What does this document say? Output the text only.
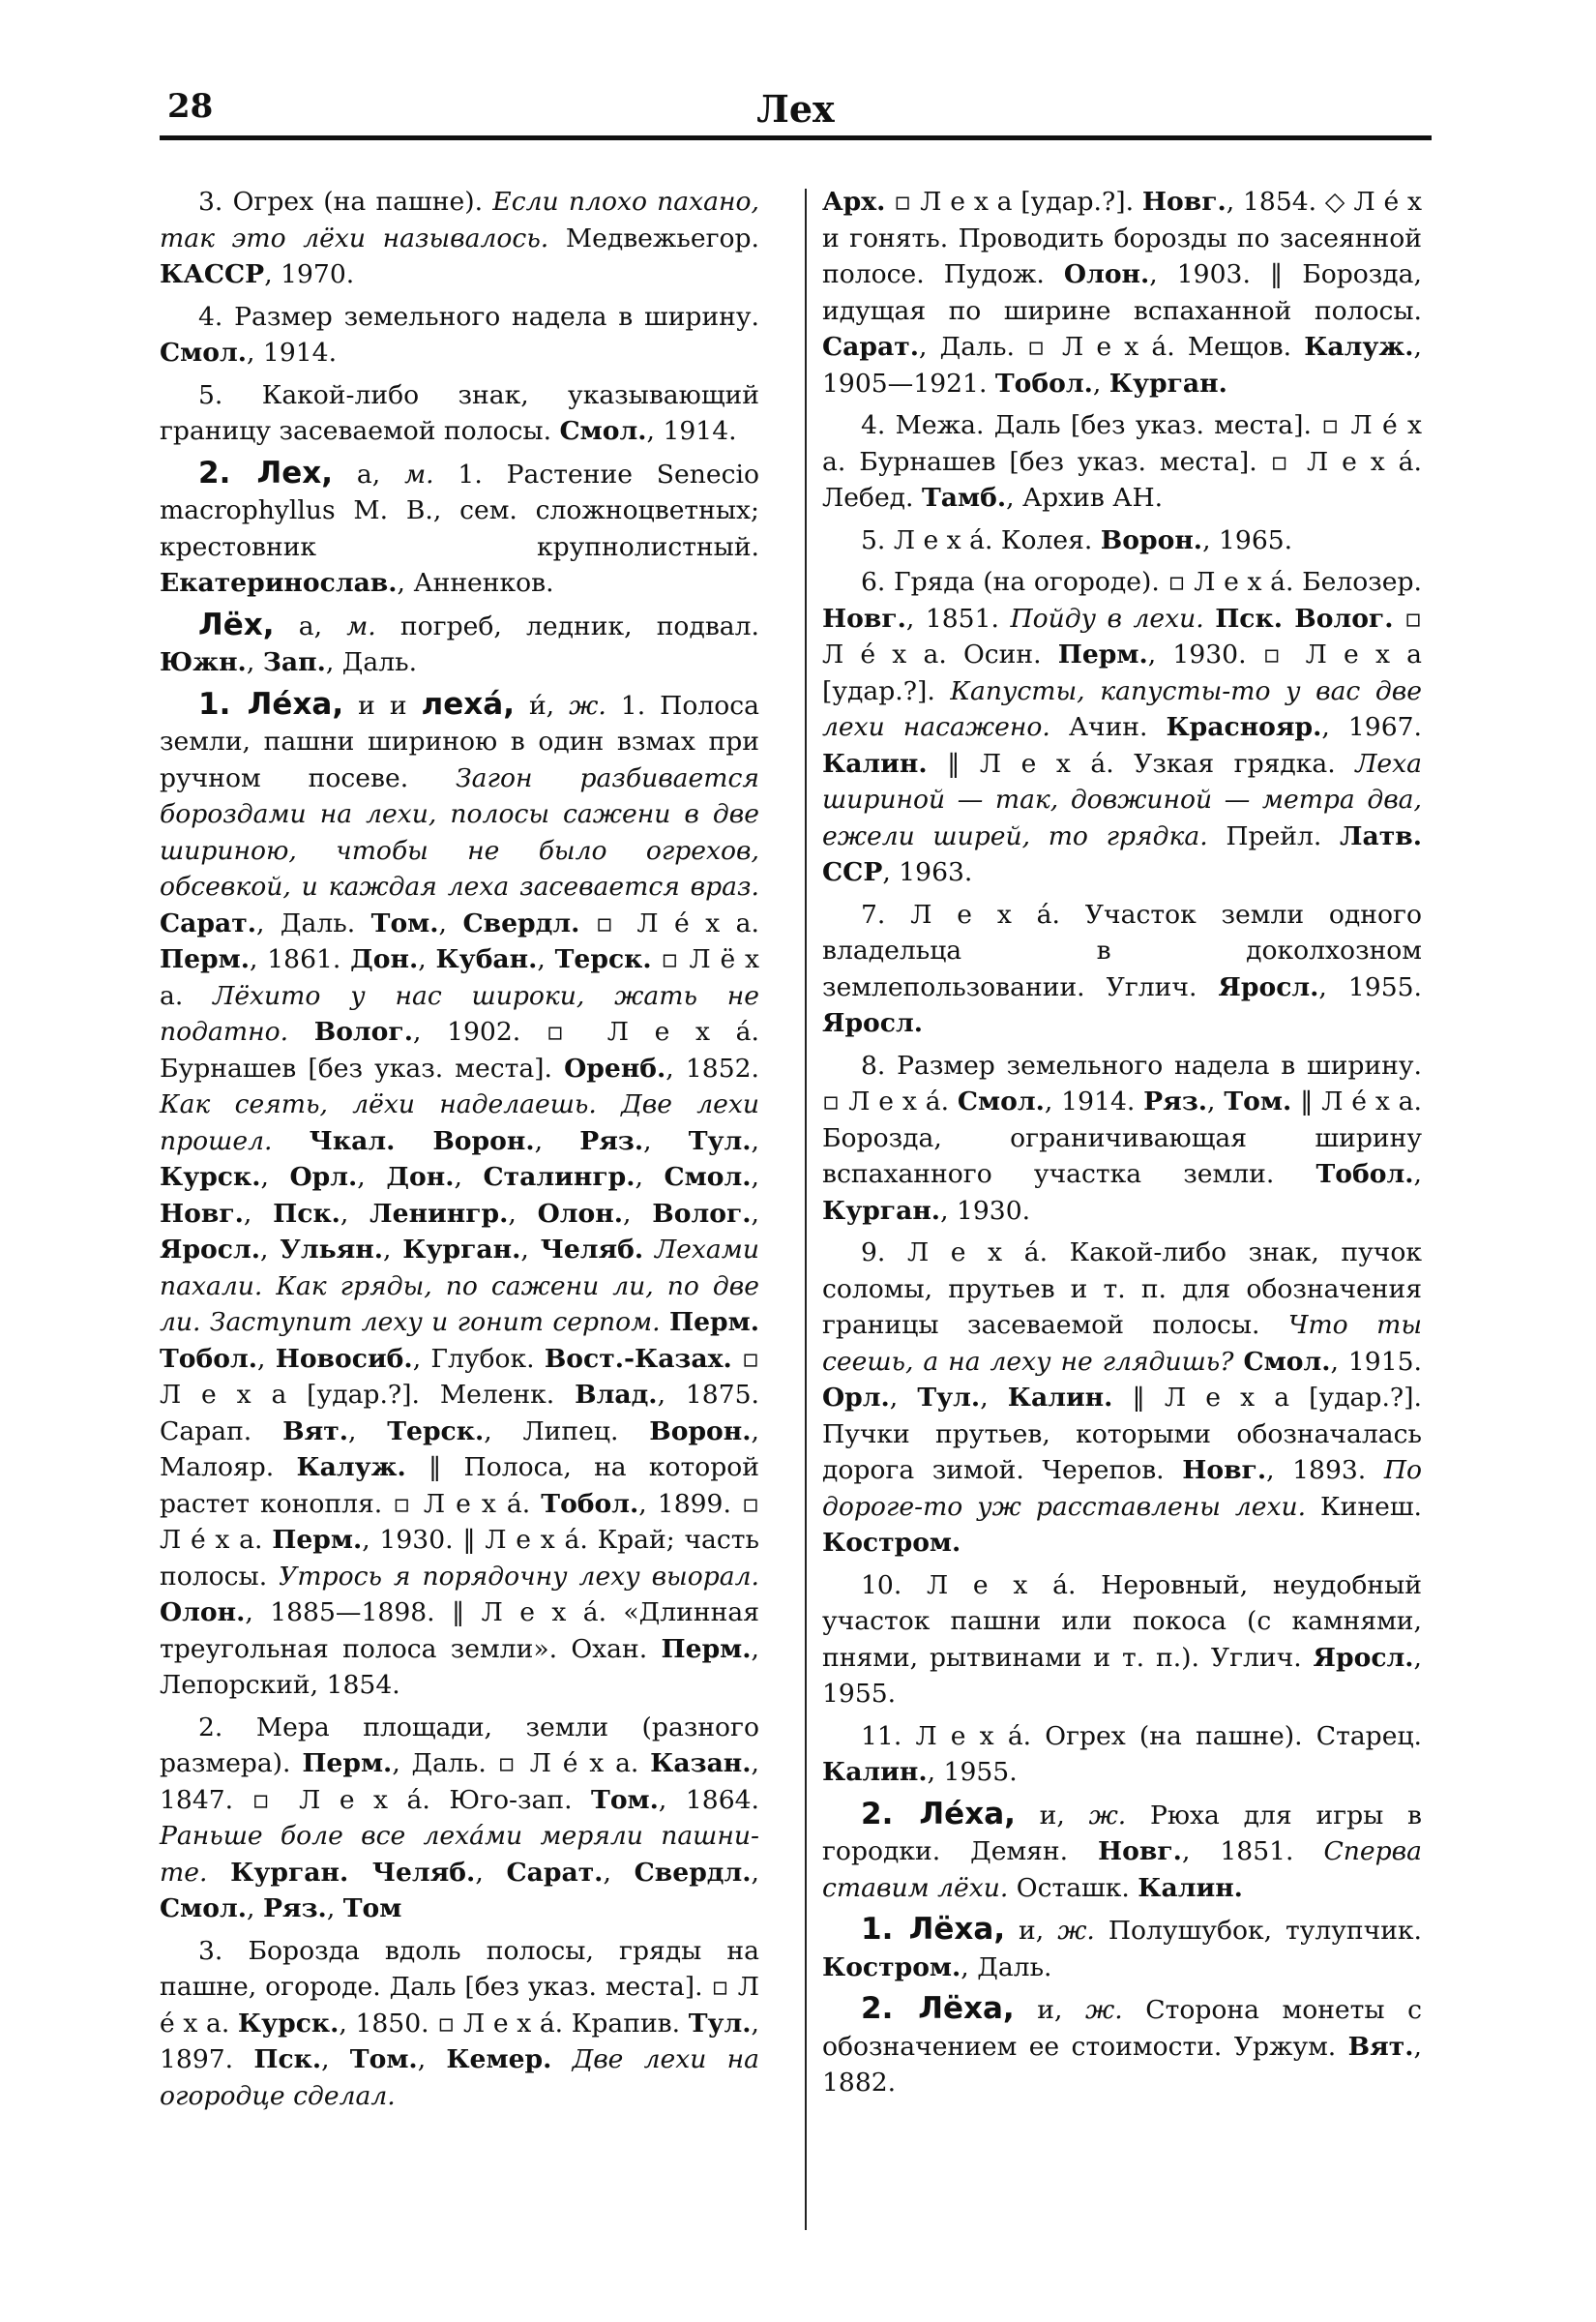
28	Лех

3. Огрех (на пашне). Если плохо пахано, так это лёхи называлось. Медвежьегор. КАССР, 1970.

4. Размер земельного надела в ширину. Смол., 1914.

5. Какой-либо знак, указывающий границу засеваемой полосы. Смол., 1914.

2. Лех, а, м. 1. Растение Senecio macrophyllus M. B., сем. сложноцветных; крестовник крупнолистный. Екатеринослав., Анненков.

Лёх, а, м. погреб, ледник, подвал. Южн., Зап., Даль.

1. Лéха, и и леха́, и́, ж. 1. Полоса земли, пашни шириною в один взмах при ручном посеве. Загон разбивается бороздами на лехи, полосы сажени в две шириною, чтобы не было огрехов, обсевкой, и каждая леха засевается враз. Сарат., Даль. Том., Свердл. ▫ Л é х а. Перм., 1861. Дон., Кубан., Терск. ▫ Л ё х а. Лёхито у нас широки, жать не податно. Волог., 1902. ▫ Л е х á. Бурнашев [без указ. места]. Оренб., 1852. Как сеять, лёхи наделаешь. Две лехи прошел. Чкал. Ворон., Ряз., Тул., Курск., Орл., Дон., Сталингр., Смол., Новг., Пск., Ленингр., Олон., Волог., Яросл., Ульян., Курган., Челяб. Лехами пахали. Как гряды, по сажени ли, по две ли. Заступит леху и гонит серпом. Перм. Тобол., Новосиб., Глубок. Вост.-Казах. ▫ Л е х а [удар.?]. Меленк. Влад., 1875. Сарап. Вят., Терск., Липец. Ворон., Малояр. Калуж. ‖ Полоса, на которой растет конопля. ▫ Л е х á. Тобол., 1899. ▫ Л é х а. Перм., 1930. ‖ Л е х á. Край; часть полосы. Утрось я порядочну леху выорал. Олон., 1885—1898. ‖ Л е х á. «Длинная треугольная полоса земли». Охан. Перм., Лепорский, 1854.

2. Мера площади, земли (разного размера). Перм., Даль. ▫ Л é х а. Казан., 1847. ▫ Л е х á. Юго-зап. Том., 1864. Раньше боле все лехáми меряли пашни-те. Курган. Челяб., Сарат., Свердл., Смол., Ряз., Том

3. Борозда вдоль полосы, гряды на пашне, огороде. Даль [без указ. места]. ▫ Л é х а. Курск., 1850. ▫ Л е х á. Крапив. Тул., 1897. Пск., Том., Кемер. Две лехи на огородце сделал.

Арх. ▫ Л е х а [удар.?]. Новг., 1854. ◇ Л é х и гонять. Проводить борозды по засеянной полосе. Пудож. Олон., 1903. ‖ Борозда, идущая по ширине вспаханной полосы. Сарат., Даль. ▫ Л е х á. Мещов. Калуж., 1905—1921. Тобол., Курган.

4. Межа. Даль [без указ. места]. ▫ Л é х а. Бурнашев [без указ. места]. ▫ Л е х á. Лебед. Тамб., Архив АН.

5. Л е х á. Колея. Ворон., 1965.

6. Гряда (на огороде). ▫ Л е х á. Белозер. Новг., 1851. Пойду в лехи. Пск. Волог. ▫ Л é х а. Осин. Перм., 1930. ▫ Л е х а [удар.?]. Капусты, капусты-то у вас две лехи насажено. Ачин. Краснояр., 1967. Калин. ‖ Л е х á. Узкая грядка. Леха шириной — так, довжиной — метра два, ежели ширей, то грядка. Прейл. Латв. ССР, 1963.

7. Л е х á. Участок земли одного владельца в доколхозном землепользовании. Углич. Яросл., 1955. Яросл.

8. Размер земельного надела в ширину. ▫ Л е х á. Смол., 1914. Ряз., Том. ‖ Л é х а. Борозда, ограничивающая ширину вспаханного участка земли. Тобол., Курган., 1930.

9. Л е х á. Какой-либо знак, пучок соломы, прутьев и т. п. для обозначения границы засеваемой полосы. Что ты сеешь, а на леху не глядишь? Смол., 1915. Орл., Тул., Калин. ‖ Л е х а [удар.?]. Пучки прутьев, которыми обозначалась дорога зимой. Черепов. Новг., 1893. По дороге-то уж расставлены лехи. Кинеш. Костром.

10. Л е х á. Неровный, неудобный участок пашни или покоса (с камнями, пнями, рытвинами и т. п.). Углич. Яросл., 1955.

11. Л е х á. Огрех (на пашне). Старец. Калин., 1955.

2. Лéха, и, ж. Рюха для игры в городки. Демян. Новг., 1851. Сперва ставим лёхи. Осташк. Калин.

1. Лёха, и, ж. Полушубок, тулупчик. Костром., Даль.

2. Лёха, и, ж. Сторона монеты с обозначением ее стоимости. Уржум. Вят., 1882.
